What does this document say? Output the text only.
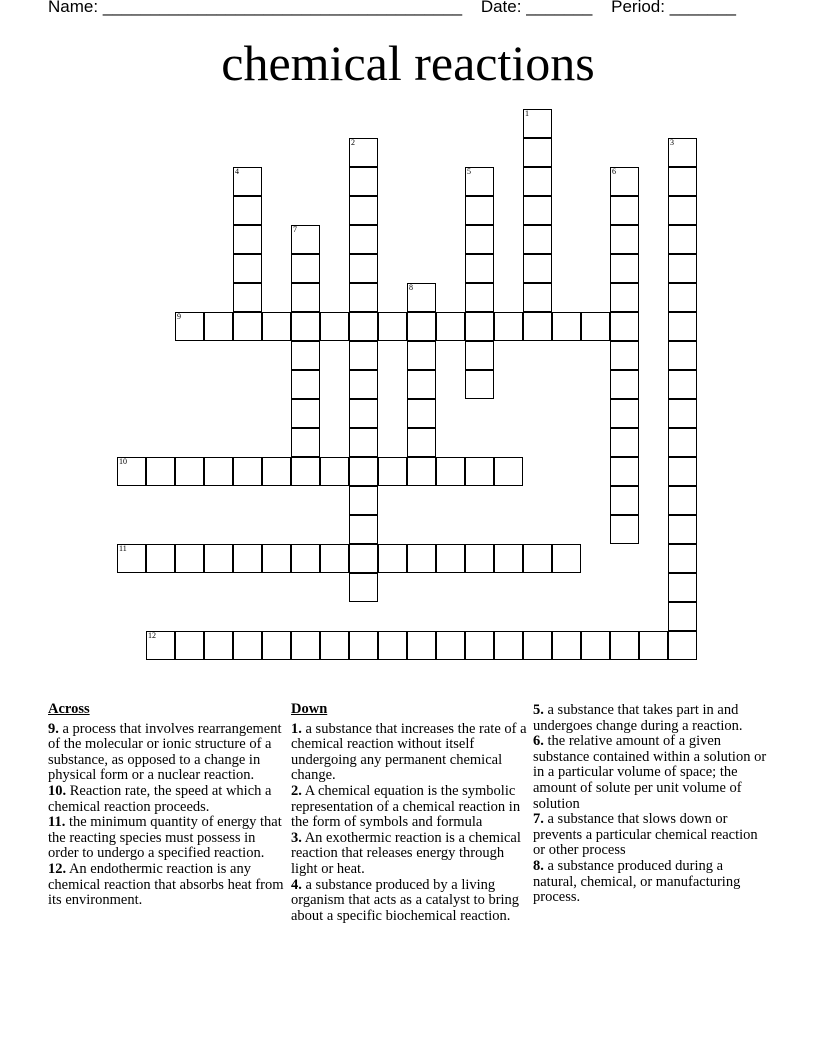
Name: ______________________________________ Date: _______ Period: _______
chemical reactions
1
2	3
4	5	6
7
8
9
10
11
12
Across
9. a process that involves rearrangement of the molecular or ionic structure of a substance, as opposed to a change in physical form or a nuclear reaction.
10. Reaction rate, the speed at which a chemical reaction proceeds.
11. the minimum quantity of energy that the reacting species must possess in order to undergo a specified reaction.
12. An endothermic reaction is any chemical reaction that absorbs heat from its environment.
Down
1. a substance that increases the rate of a chemical reaction without itself undergoing any permanent chemical change.
2. A chemical equation is the symbolic representation of a chemical reaction in the form of symbols and formula
3. An exothermic reaction is a chemical reaction that releases energy through light or heat.
4. a substance produced by a living organism that acts as a catalyst to bring about a specific biochemical reaction.
5. a substance that takes part in and undergoes change during a reaction.
6. the relative amount of a given substance contained within a solution or in a particular volume of space; the amount of solute per unit volume of solution
7. a substance that slows down or prevents a particular chemical reaction or other process
8. a substance produced during a natural, chemical, or manufacturing process.
